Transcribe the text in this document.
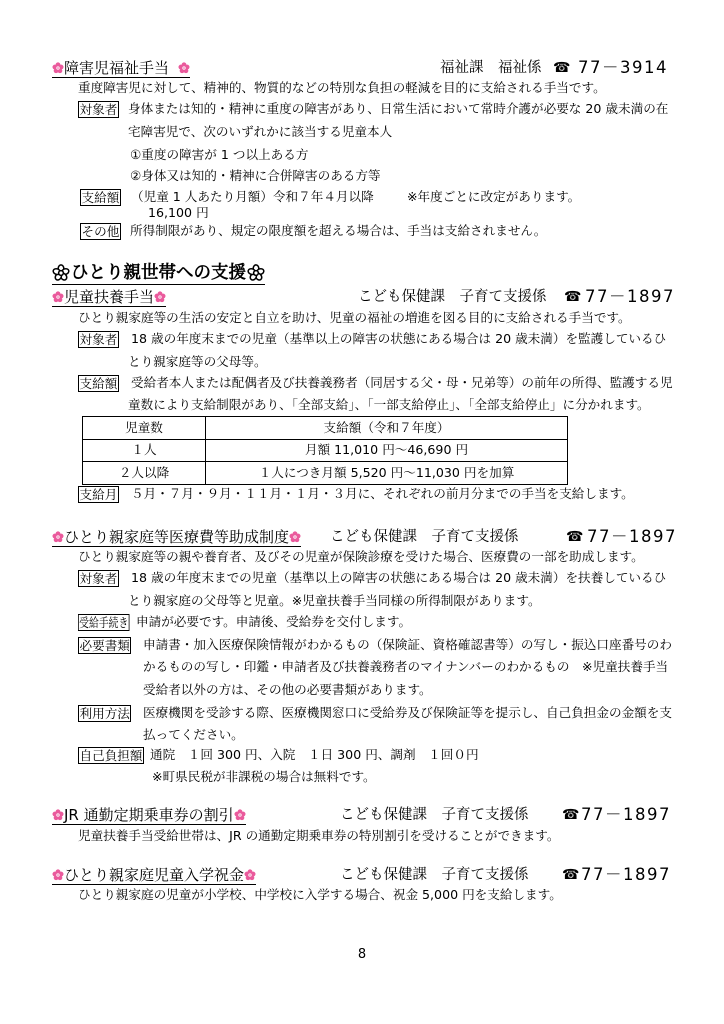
障害児福祉手当	福祉課　福祉係 ☎ 77－3914
重度障害児に対して、精神的、物質的などの特別な負担の軽減を目的に支給される手当です。
対象者 身体または知的・精神に重度の障害があり、日常生活において常時介護が必要な 20 歳未満の在
宅障害児で、次のいずれかに該当する児童本人
①重度の障害が 1 つ以上ある方
②身体又は知的・精神に合併障害のある方等
支給額 （児童 1 人あたり月額）令和７年４月以降	※年度ごとに改定があります。
16,100 円
その他 所得制限があり、規定の限度額を超える場合は、手当は支給されません。
ひとり親世帯への支援
児童扶養手当	こども保健課　子育て支援係 ☎ 77－1897
ひとり親家庭等の生活の安定と自立を助け、児童の福祉の増進を図る目的に支給される手当です。
対象者 18 歳の年度末までの児童（基準以上の障害の状態にある場合は 20 歳未満）を監護しているひ
とり親家庭等の父母等。
支給額 受給者本人または配偶者及び扶養義務者（同居する父・母・兄弟等）の前年の所得、監護する児
童数により支給制限があり、「全部支給」、「一部支給停止」、「全部支給停止」に分かれます。
児童数	支給額（令和７年度）
１人	月額 11,010 円～46,690 円
２人以降	１人につき月額 5,520 円～11,030 円を加算
支給月 ５月・７月・９月・１１月・１月・３月に、それぞれの前月分までの手当を支給します。
ひとり親家庭等医療費等助成制度	こども保健課　子育て支援係 ☎	77－1897
ひとり親家庭等の親や養育者、及びその児童が保険診療を受けた場合、医療費の一部を助成します。
対象者 18 歳の年度末までの児童（基準以上の障害の状態にある場合は 20 歳未満）を扶養しているひ
とり親家庭の父母等と児童。※児童扶養手当同様の所得制限があります。
受給手続き 申請が必要です。申請後、受給券を交付します。
必要書類 申請書・加入医療保険情報がわかるもの（保険証、資格確認書等）の写し・振込口座番号のわ
かるものの写し・印鑑・申請者及び扶養義務者のマイナンバーのわかるもの　※児童扶養手当
受給者以外の方は、その他の必要書類があります。
利用方法 医療機関を受診する際、医療機関窓口に受給券及び保険証等を提示し、自己負担金の金額を支
払ってください。
自己負担額 通院　１回 300 円、入院　１日 300 円、調剤　１回０円
※町県民税が非課税の場合は無料です。
JR 通勤定期乗車券の割引	こども保健課　子育て支援係 ☎	77－1897
児童扶養手当受給世帯は、JR の通勤定期乗車券の特別割引を受けることができます。
ひとり親家庭児童入学祝金	こども保健課　子育て支援係 ☎	77－1897
ひとり親家庭の児童が小学校、中学校に入学する場合、祝金 5,000 円を支給します。
8
